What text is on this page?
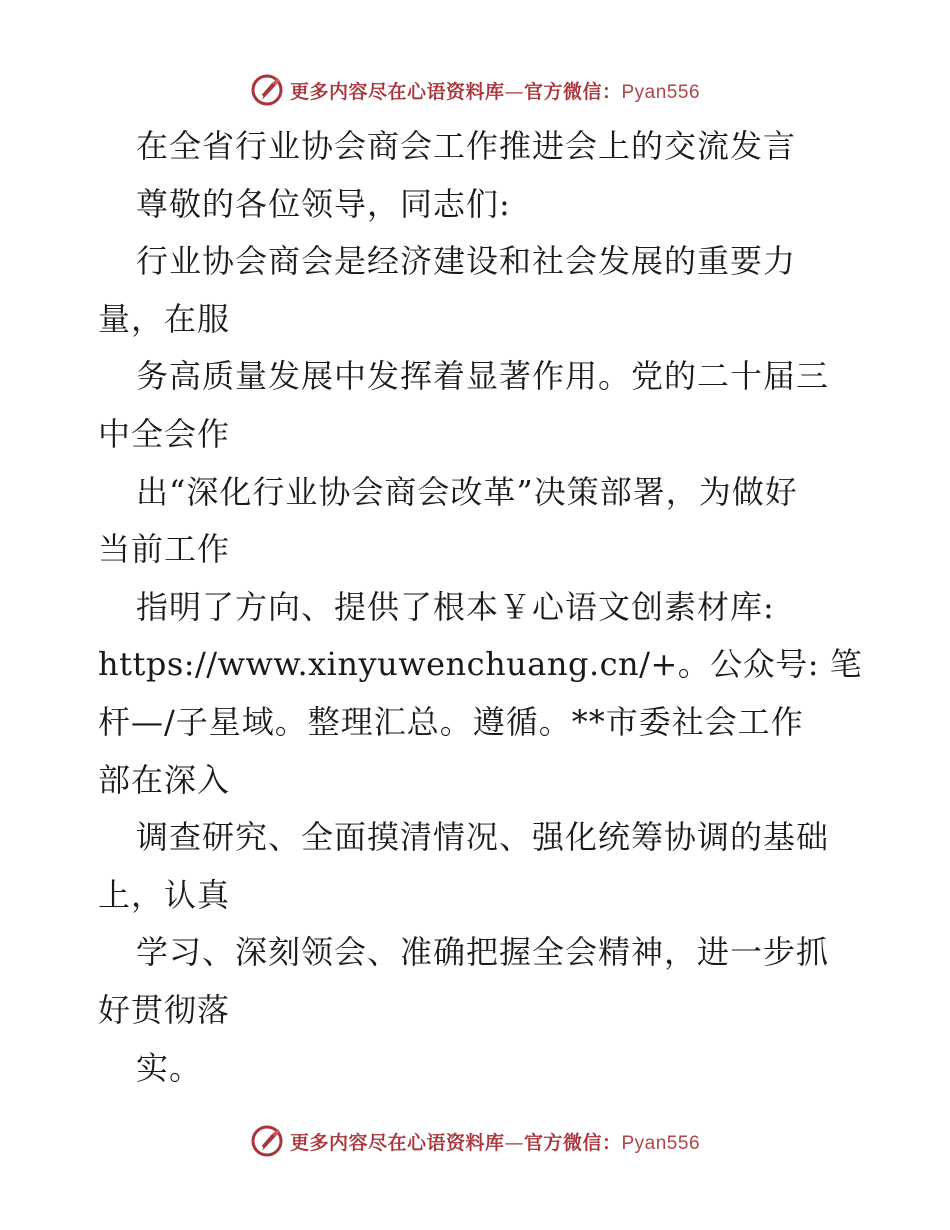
更多内容尽在心语资料库—官方微信：Pyan556
在全省行业协会商会工作推进会上的交流发言
尊敬的各位领导，同志们:
行业协会商会是经济建设和社会发展的重要力
量，在服
务高质量发展中发挥着显著作用。党的二十届三
中全会作
出“深化行业协会商会改革”决策部署，为做好
当前工作
指明了方向、提供了根本￥心语文创素材库:
https://www.xinyuwenchuang.cn/+。公众号: 笔
杆—/子星域。整理汇总。遵循。**市委社会工作
部在深入
调查研究、全面摸清情况、强化统筹协调的基础
上，认真
学习、深刻领会、准确把握全会精神，进一步抓
好贯彻落
实。
更多内容尽在心语资料库—官方微信：Pyan556
